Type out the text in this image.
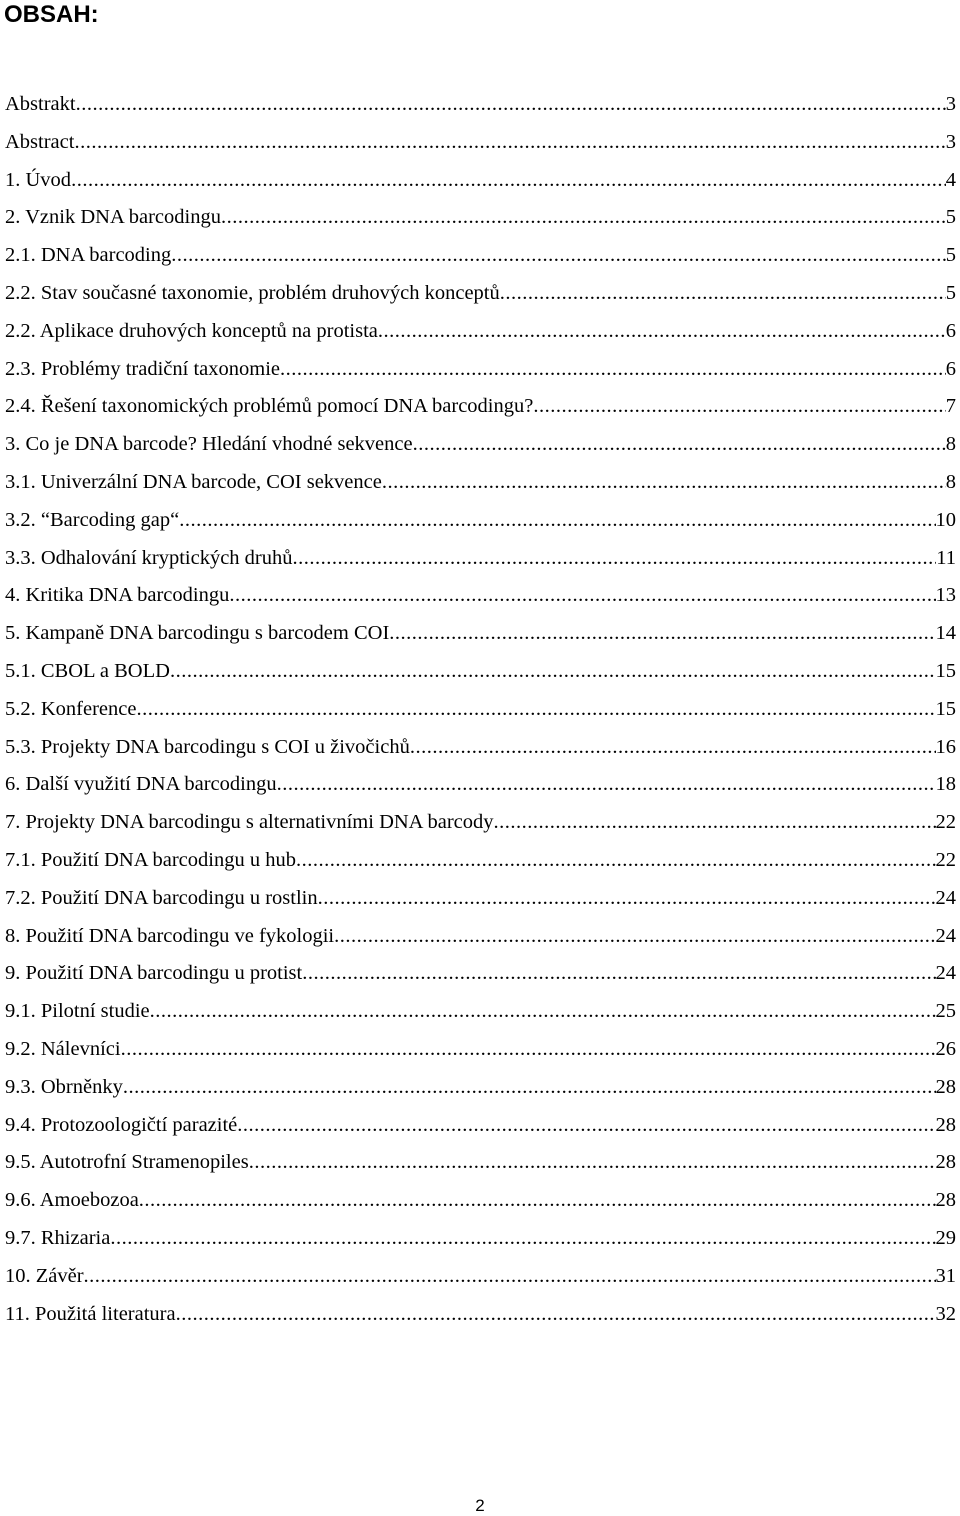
OBSAH:
Abstrakt .....	3
Abstract .....	3
1. Úvod .....	4
2. Vznik DNA barcodingu .....	5
2.1. DNA barcoding .....	5
2.2. Stav současné taxonomie, problém druhových konceptů .....	5
2.2. Aplikace druhových konceptů na protista .....	6
2.3. Problémy tradiční taxonomie .....	6
2.4. Řešení taxonomických problémů pomocí DNA barcodingu? .....	7
3. Co je DNA barcode? Hledání vhodné sekvence .....	8
3.1. Univerzální DNA barcode, COI sekvence .....	8
3.2. “Barcoding gap“ .....	10
3.3. Odhalování kryptických druhů .....	11
4. Kritika DNA barcodingu .....	13
5. Kampaně DNA barcodingu s barcodem COI .....	14
5.1. CBOL a BOLD .....	15
5.2. Konference .....	15
5.3. Projekty DNA barcodingu s COI u živočichů .....	16
6. Další využití DNA barcodingu .....	18
7. Projekty DNA barcodingu s alternativními DNA barcody .....	22
7.1. Použití DNA barcodingu u hub .....	22
7.2. Použití DNA barcodingu u rostlin .....	24
8. Použití DNA barcodingu ve fykologii .....	24
9. Použití DNA barcodingu u protist .....	24
9.1. Pilotní studie .....	25
9.2. Nálevníci .....	26
9.3. Obrněnky .....	28
9.4. Protozoologičtí parazité .....	28
9.5. Autotrofní Stramenopiles .....	28
9.6. Amoebozoa .....	28
9.7. Rhizaria .....	29
10. Závěr .....	31
11. Použitá literatura .....	32
2
